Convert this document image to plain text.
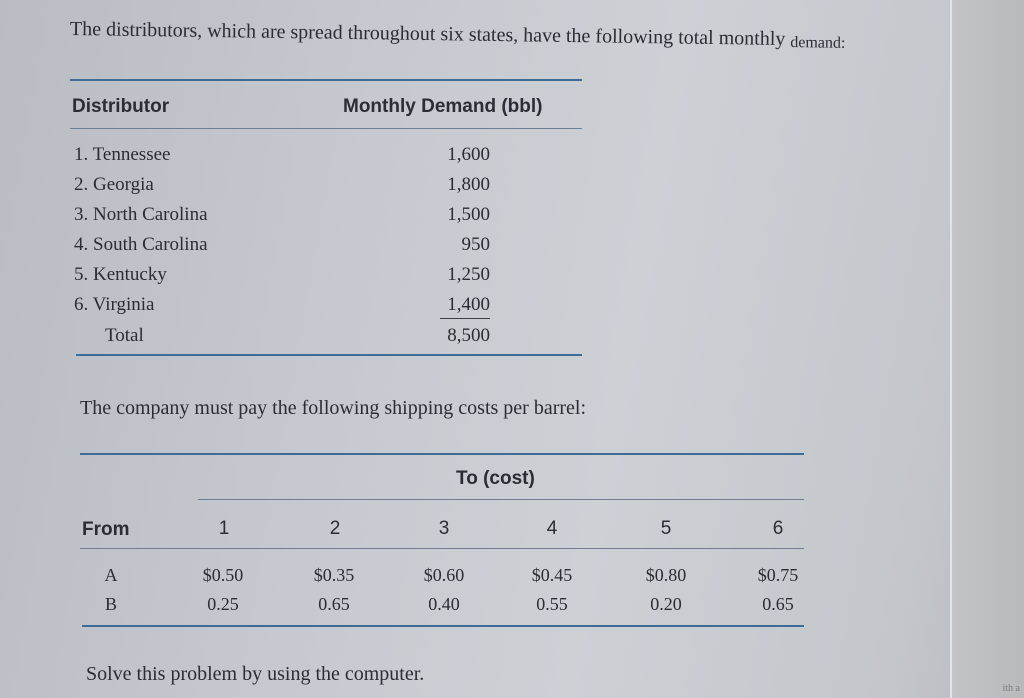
The distributors, which are spread throughout six states, have the following total monthly demand:
Distributor	Monthly Demand (bbl)
1. Tennessee	1,600
2. Georgia	1,800
3. North Carolina	1,500
4. South Carolina	950
5. Kentucky	1,250
6. Virginia	1,400
Total	8,500
The company must pay the following shipping costs per barrel:
To (cost)
From	1	2	3	4	5	6
A	$0.50	$0.35	$0.60	$0.45	$0.80	$0.75
B	0.25	0.65	0.40	0.55	0.20	0.65
Solve this problem by using the computer.
ith a
